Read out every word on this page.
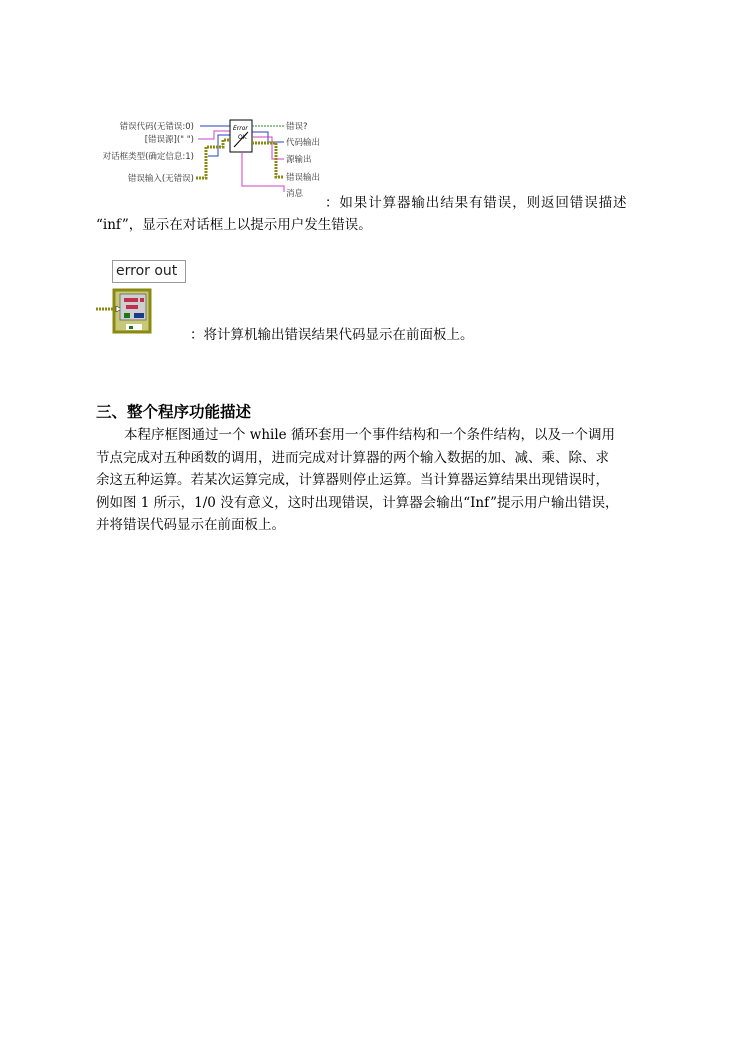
Error
OK
错误代码(无错误:0)
[错误源](" ")
对话框类型(确定信息:1)
错误输入(无错误)
错误?
代码输出
源输出
错误输出
消息
：如果计算器输出结果有错误，则返回错误描述
“inf”，显示在对话框上以提示用户发生错误。
error out
：将计算机输出错误结果代码显示在前面板上。
三、整个程序功能描述
本程序框图通过一个 while 循环套用一个事件结构和一个条件结构，以及一个调用
节点完成对五种函数的调用，进而完成对计算器的两个输入数据的加、减、乘、除、求
余这五种运算。若某次运算完成，计算器则停止运算。当计算器运算结果出现错误时，
例如图 1 所示，1/0 没有意义，这时出现错误，计算器会输出“Inf”提示用户输出错误，
并将错误代码显示在前面板上。
